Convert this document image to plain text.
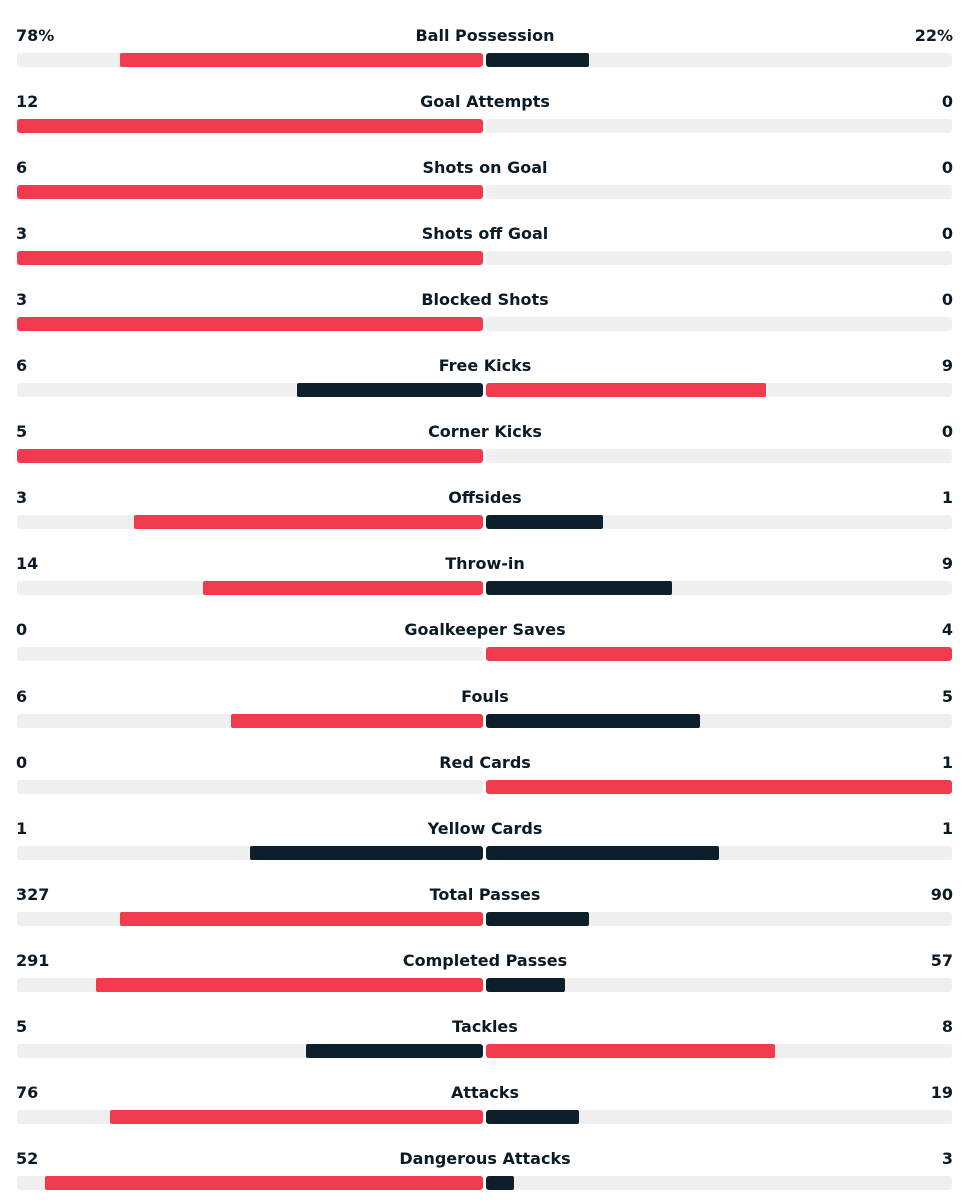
78%	Ball Possession	22%
12	Goal Attempts	0
6	Shots on Goal	0
3	Shots off Goal	0
3	Blocked Shots	0
6	Free Kicks	9
5	Corner Kicks	0
3	Offsides	1
14	Throw-in	9
0	Goalkeeper Saves	4
6	Fouls	5
0	Red Cards	1
1	Yellow Cards	1
327	Total Passes	90
291	Completed Passes	57
5	Tackles	8
76	Attacks	19
52	Dangerous Attacks	3
